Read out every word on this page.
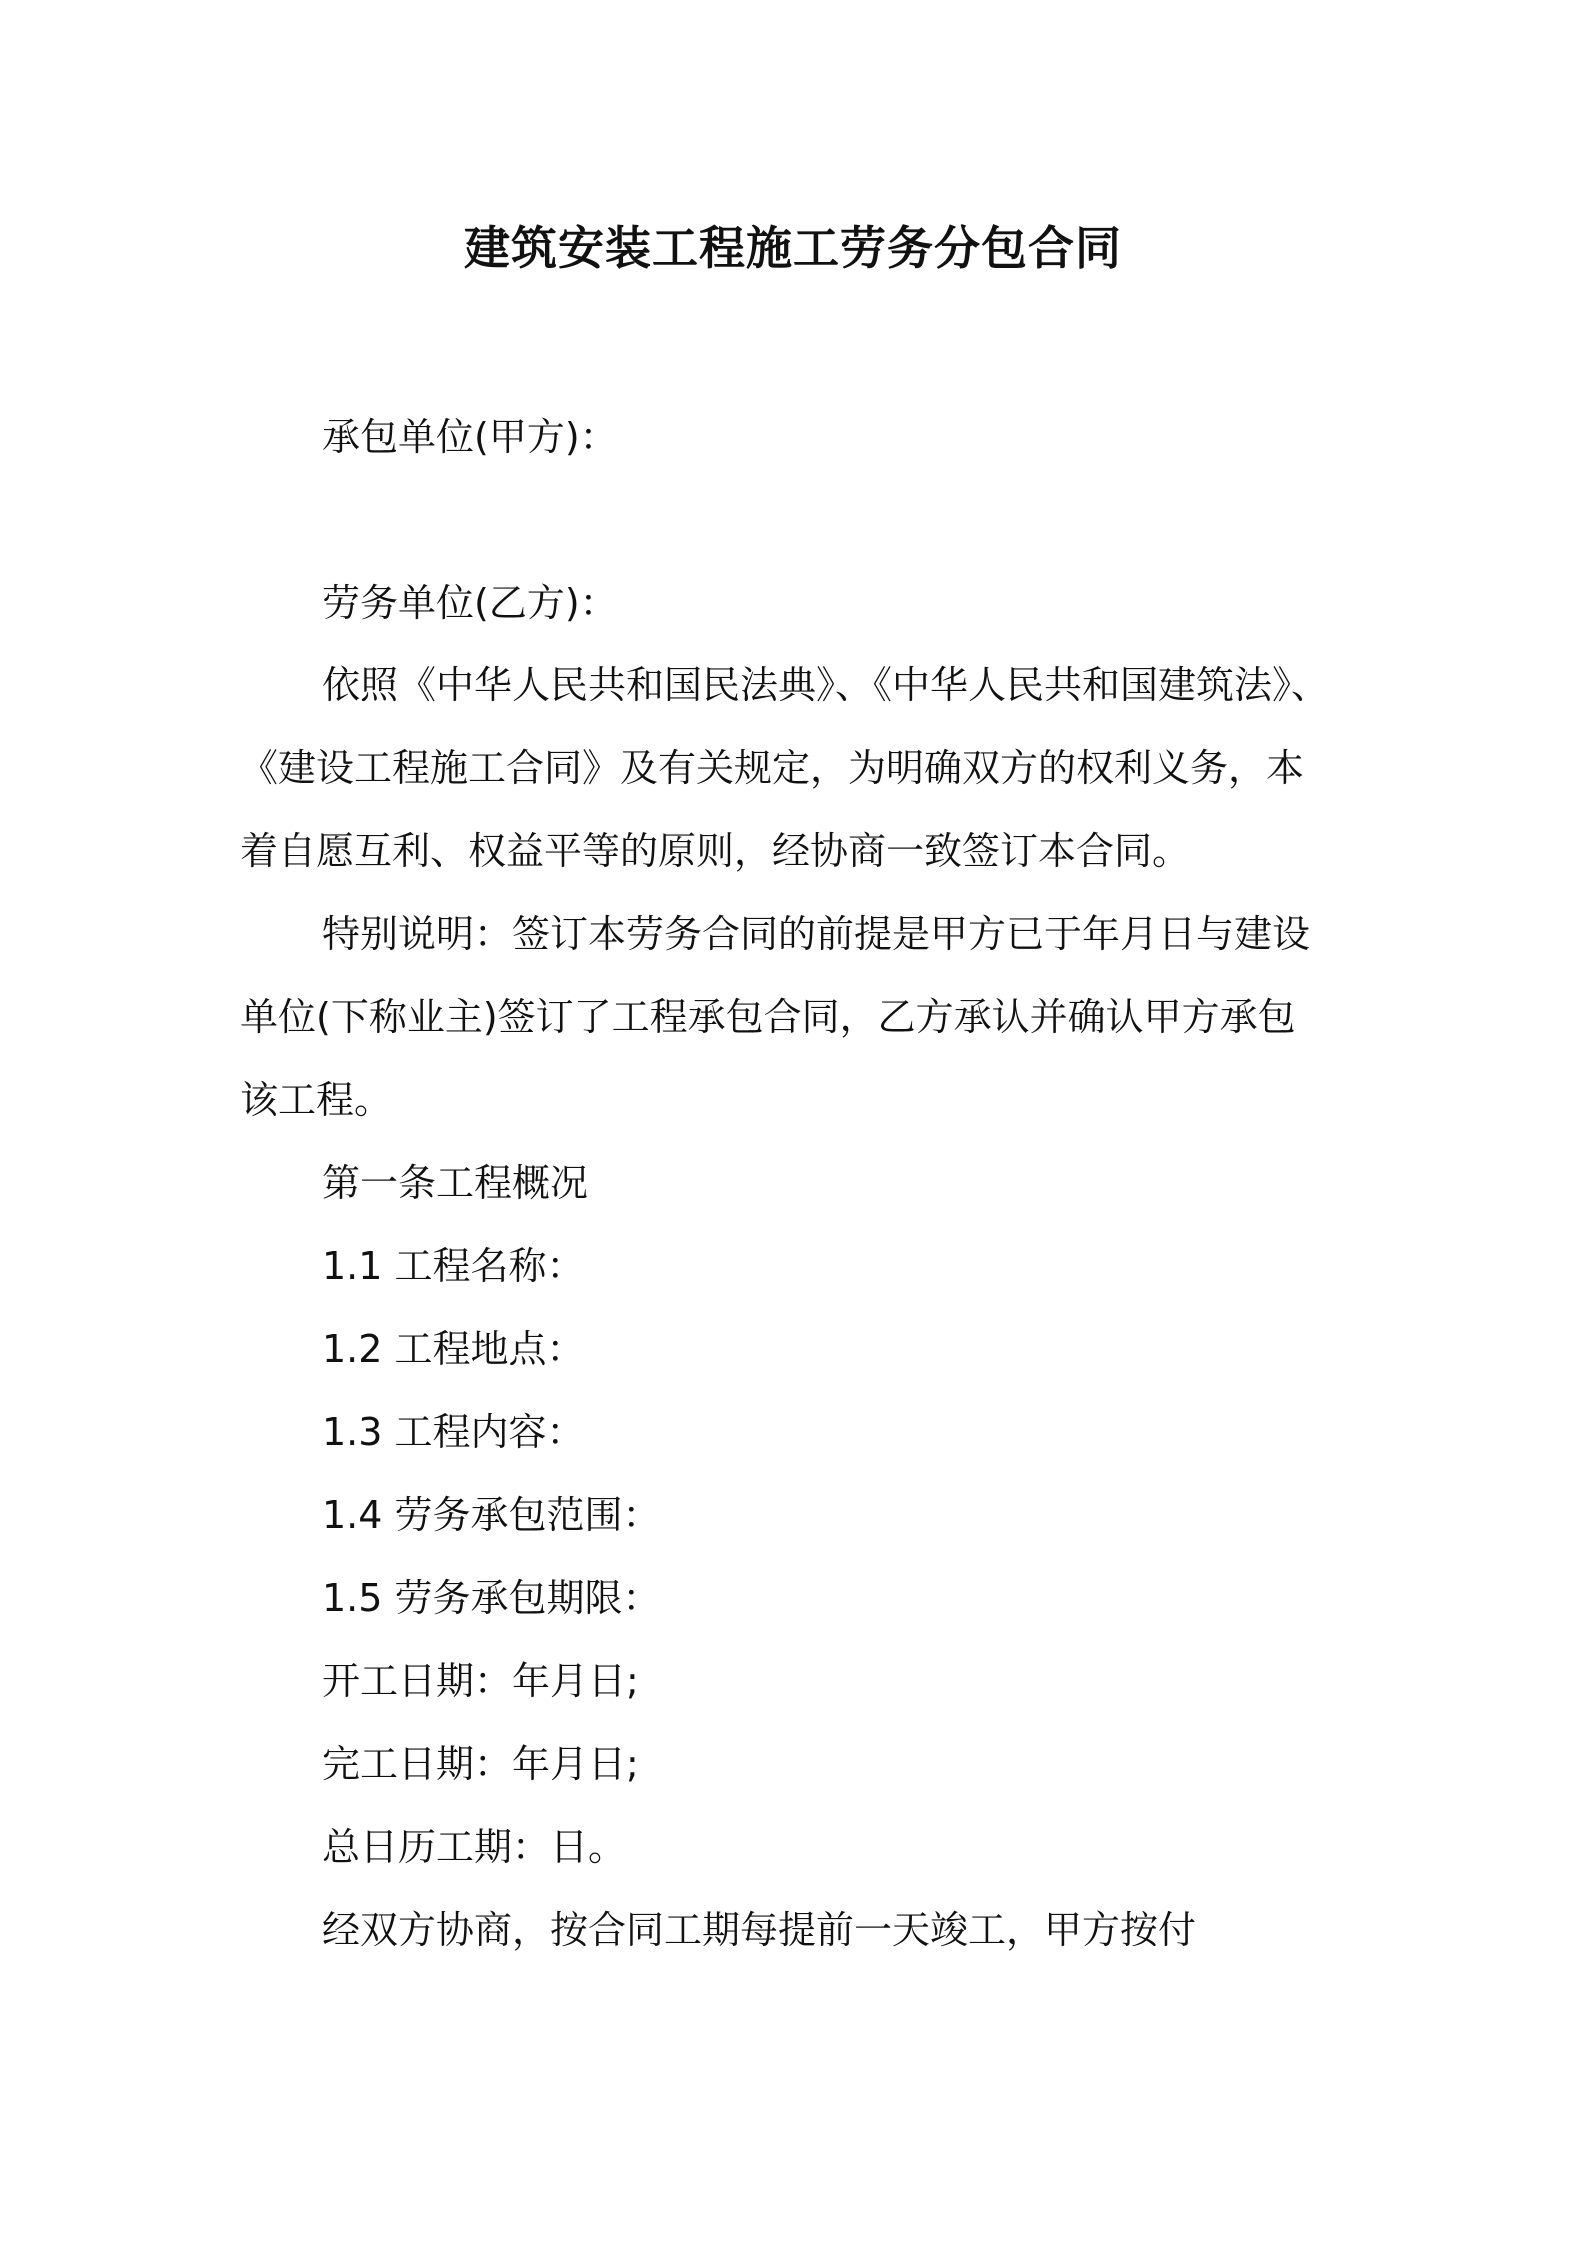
建筑安装工程施工劳务分包合同
承包单位(甲方)：
劳务单位(乙方)：
依照《中华人民共和国民法典》、《中华人民共和国建筑法》、
《建设工程施工合同》及有关规定，为明确双方的权利义务，本
着自愿互利、权益平等的原则，经协商一致签订本合同。
特别说明：签订本劳务合同的前提是甲方已于年月日与建设
单位(下称业主)签订了工程承包合同，乙方承认并确认甲方承包
该工程。
第一条工程概况
1.1 工程名称：
1.2 工程地点：
1.3 工程内容：
1.4 劳务承包范围：
1.5 劳务承包期限：
开工日期：年月日;
完工日期：年月日;
总日历工期：日。
经双方协商，按合同工期每提前一天竣工，甲方按付
